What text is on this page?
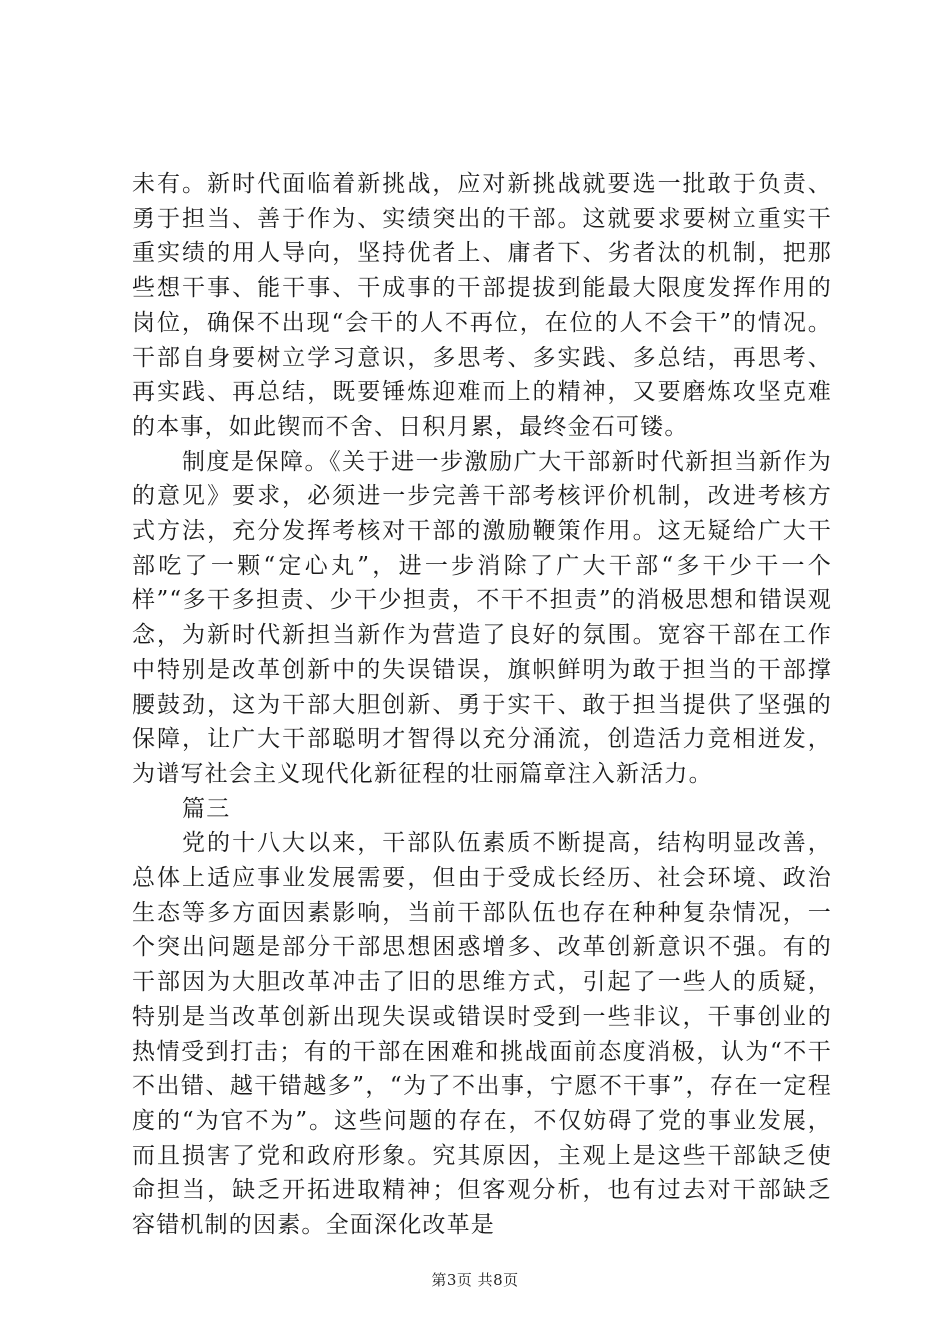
未有。新时代面临着新挑战，应对新挑战就要选一批敢于负责、勇于担当、善于作为、实绩突出的干部。这就要求要树立重实干重实绩的用人导向，坚持优者上、庸者下、劣者汰的机制，把那些想干事、能干事、干成事的干部提拔到能最大限度发挥作用的岗位，确保不出现“会干的人不再位，在位的人不会干”的情况。干部自身要树立学习意识，多思考、多实践、多总结，再思考、再实践、再总结，既要锤炼迎难而上的精神，又要磨炼攻坚克难的本事，如此锲而不舍、日积月累，最终金石可镂。

制度是保障。《关于进一步激励广大干部新时代新担当新作为的意见》要求，必须进一步完善干部考核评价机制，改进考核方式方法，充分发挥考核对干部的激励鞭策作用。这无疑给广大干部吃了一颗“定心丸”，进一步消除了广大干部“多干少干一个样”“多干多担责、少干少担责，不干不担责”的消极思想和错误观念，为新时代新担当新作为营造了良好的氛围。宽容干部在工作中特别是改革创新中的失误错误，旗帜鲜明为敢于担当的干部撑腰鼓劲，这为干部大胆创新、勇于实干、敢于担当提供了坚强的保障，让广大干部聪明才智得以充分涌流，创造活力竞相迸发，为谱写社会主义现代化新征程的壮丽篇章注入新活力。

篇三

党的十八大以来，干部队伍素质不断提高，结构明显改善，总体上适应事业发展需要，但由于受成长经历、社会环境、政治生态等多方面因素影响，当前干部队伍也存在种种复杂情况，一个突出问题是部分干部思想困惑增多、改革创新意识不强。有的干部因为大胆改革冲击了旧的思维方式，引起了一些人的质疑，特别是当改革创新出现失误或错误时受到一些非议，干事创业的热情受到打击；有的干部在困难和挑战面前态度消极，认为“不干不出错、越干错越多”，“为了不出事，宁愿不干事”，存在一定程度的“为官不为”。这些问题的存在，不仅妨碍了党的事业发展，而且损害了党和政府形象。究其原因，主观上是这些干部缺乏使命担当，缺乏开拓进取精神；但客观分析，也有过去对干部缺乏容错机制的因素。全面深化改革是

第3页 共8页
